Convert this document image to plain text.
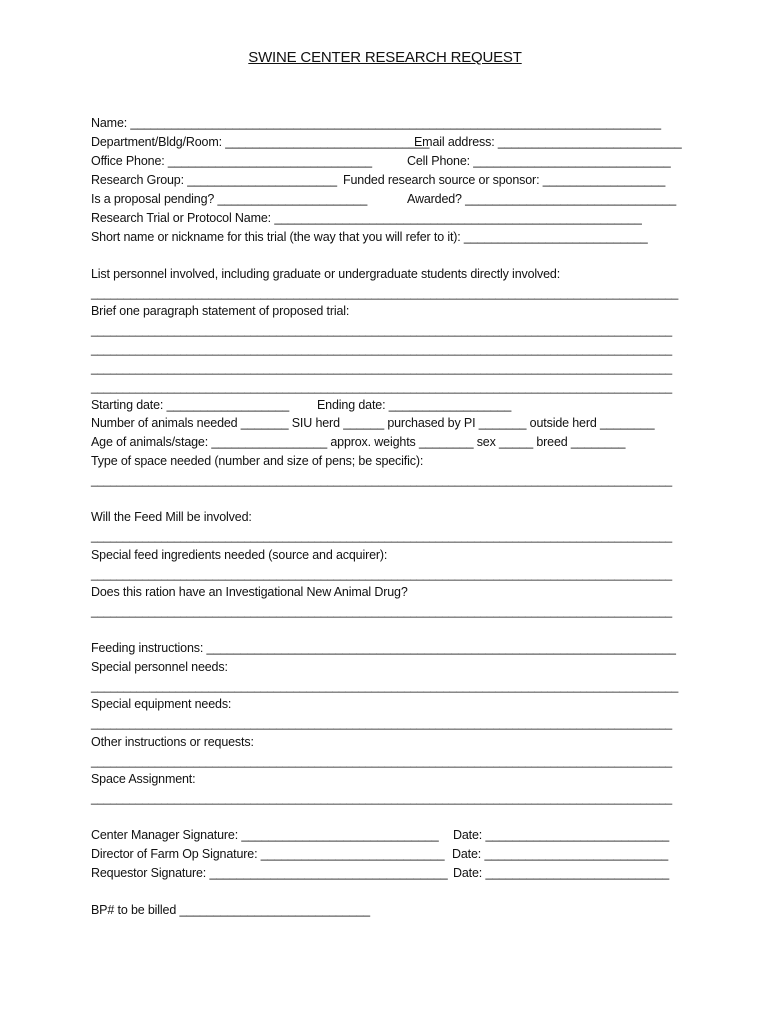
SWINE CENTER RESEARCH REQUEST
Name: ______________________________________________________________________________

Department/Bldg/Room: ______________________________

Email address: ___________________________

Office Phone: ______________________________

	Cell Phone: _____________________________

Research Group: ______________________

Funded research source or sponsor: __________________

Is a proposal pending? ______________________

	Awarded? _______________________________

Research Trial or Protocol Name: ______________________________________________________
Short name or nickname for this trial (the way that you will refer to it): ___________________________
List personnel involved, including graduate or undergraduate students directly involved:
__________________________________________________________________________________________
Brief one paragraph statement of proposed trial:
___________________________________________________________________________________________
___________________________________________________________________________________________
___________________________________________________________________________________________
___________________________________________________________________________________________

Starting date: __________________

Ending date: __________________

Number of animals needed _______ SIU herd ______ purchased by PI _______ outside herd ________
Age of animals/stage: _________________ approx. weights ________ sex _____ breed ________
Type of space needed (number and size of pens; be specific):
___________________________________________________________________________________________
Will the Feed Mill be involved:
___________________________________________________________________________________________
Special feed ingredients needed (source and acquirer):
___________________________________________________________________________________________
Does this ration have an Investigational New Animal Drug?
___________________________________________________________________________________________
Feeding instructions: _____________________________________________________________________
Special personnel needs:
__________________________________________________________________________________________
Special equipment needs:
___________________________________________________________________________________________
Other instructions or requests:
___________________________________________________________________________________________
Space Assignment:
___________________________________________________________________________________________

Center Manager Signature: _____________________________

Date: ___________________________

Director of Farm Op Signature: ___________________________

Date: ___________________________

Requestor Signature: ___________________________________

Date: ___________________________

BP# to be billed ____________________________
